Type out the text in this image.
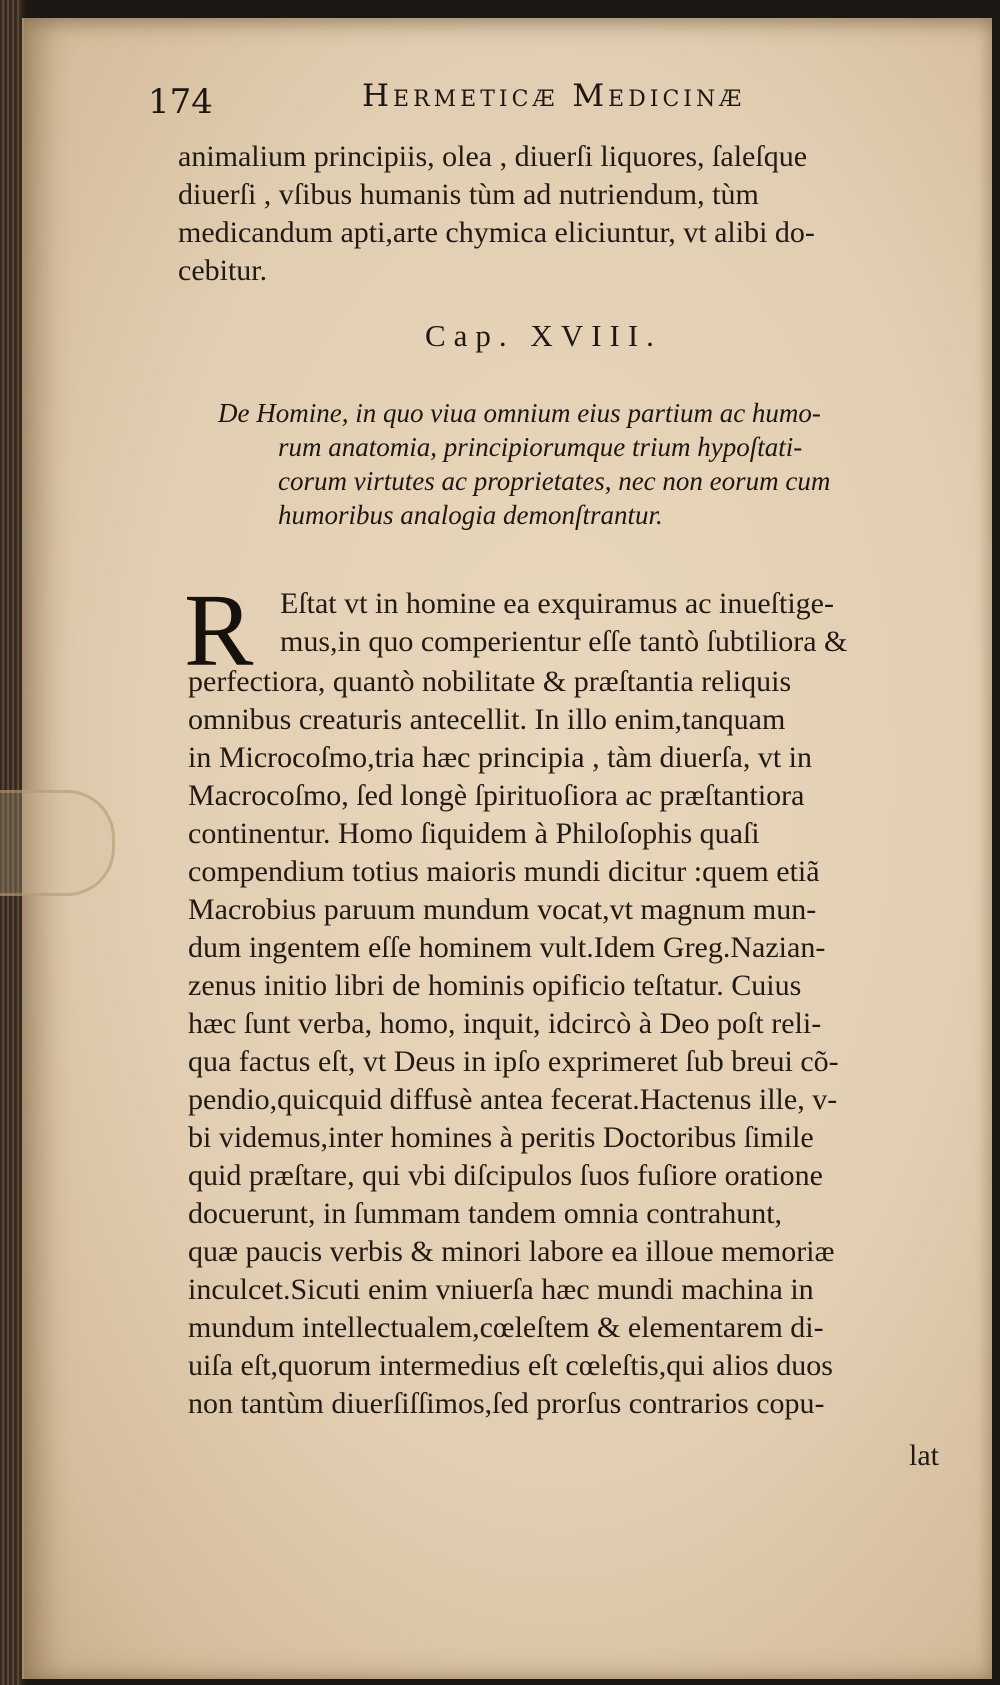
174	Hermeticæ Medicinæ
animalium principiis, olea , diuerſi liquores, ſaleſque
diuerſi , vſibus humanis tùm ad nutriendum, tùm
medicandum apti,arte chymica eliciuntur, vt alibi do-
cebitur.
Cap. XVIII.
De Homine, in quo viua omnium eius partium ac humo-
rum anatomia, principiorumque trium hypoſtati-
corum virtutes ac proprietates, nec non eorum cum
humoribus analogia demonſtrantur.
R Eſtat vt in homine ea exquiramus ac inueſtige-
mus,in quo comperientur eſſe tantò ſubtiliora &
perfectiora, quantò nobilitate & præſtantia reliquis
omnibus creaturis antecellit. In illo enim,tanquam
in Microcoſmo,tria hæc principia , tàm diuerſa, vt in
Macrocoſmo, ſed longè ſpirituoſiora ac præſtantiora
continentur. Homo ſiquidem à Philoſophis quaſi
compendium totius maioris mundi dicitur :quem etiã
Macrobius paruum mundum vocat,vt magnum mun-
dum ingentem eſſe hominem vult.Idem Greg.Nazian-
zenus initio libri de hominis opificio teſtatur. Cuius
hæc ſunt verba, homo, inquit, idcircò à Deo poſt reli-
qua factus eſt, vt Deus in ipſo exprimeret ſub breui cõ-
pendio,quicquid diffusè antea fecerat.Hactenus ille, v-
bi videmus,inter homines à peritis Doctoribus ſimile
quid præſtare, qui vbi diſcipulos ſuos fuſiore oratione
docuerunt, in ſummam tandem omnia contrahunt,
quæ paucis verbis & minori labore ea illoue memoriæ
inculcet.Sicuti enim vniuerſa hæc mundi machina in
mundum intellectualem,cœleſtem & elementarem di-
uiſa eſt,quorum intermedius eſt cœleſtis,qui alios duos
non tantùm diuerſiſſimos,ſed prorſus contrarios copu-
lat
